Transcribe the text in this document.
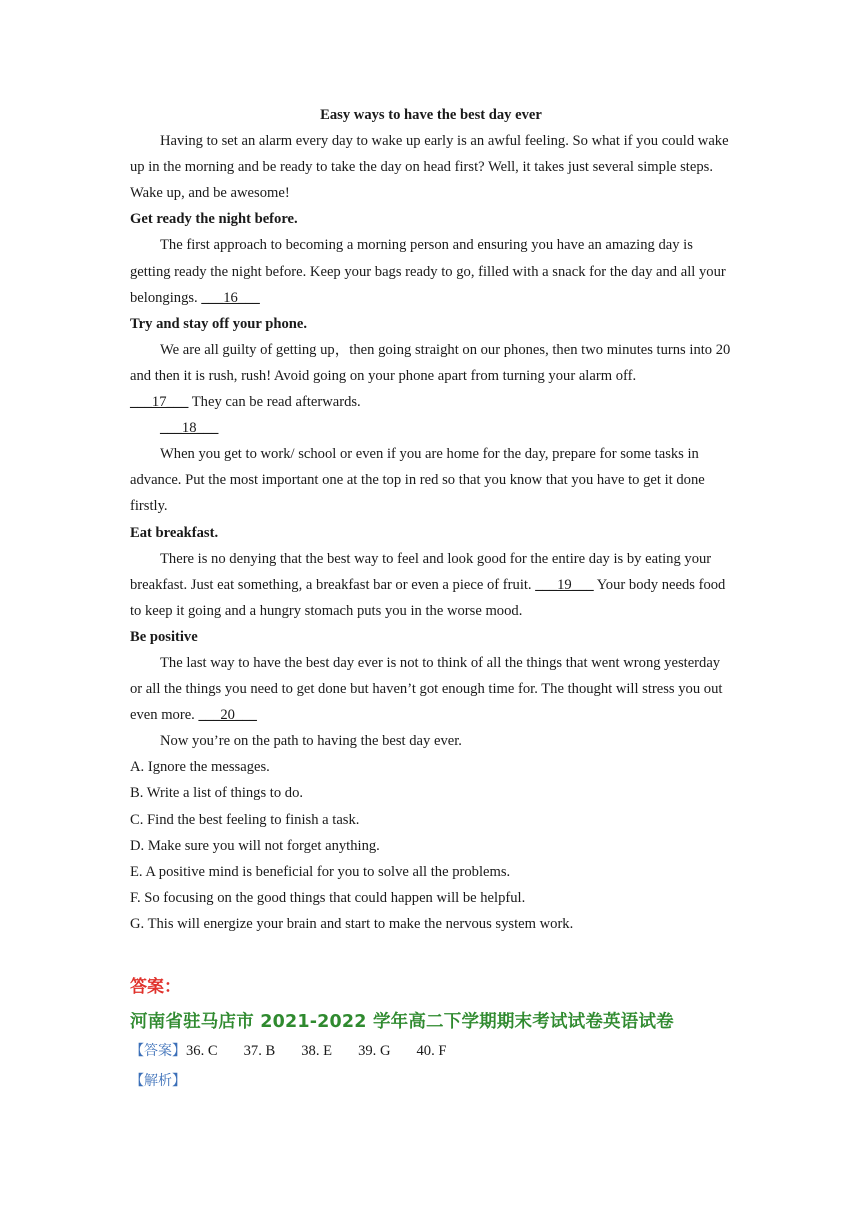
Easy ways to have the best day ever

Having to set an alarm every day to wake up early is an awful feeling. So what if you could wake up in the morning and be ready to take the day on head first? Well, it takes just several simple steps. Wake up, and be awesome!

Get ready the night before.

The first approach to becoming a morning person and ensuring you have an amazing day is getting ready the night before. Keep your bags ready to go, filled with a snack for the day and all your belongings. ___16___

Try and stay off your phone.

We are all guilty of getting up，then going straight on our phones, then two minutes turns into 20 and then it is rush, rush! Avoid going on your phone apart from turning your alarm off.

___17___ They can be read afterwards.

___18___

When you get to work/ school or even if you are home for the day, prepare for some tasks in advance. Put the most important one at the top in red so that you know that you have to get it done firstly.

Eat breakfast.

There is no denying that the best way to feel and look good for the entire day is by eating your breakfast. Just eat something, a breakfast bar or even a piece of fruit. ___19___ Your body needs food to keep it going and a hungry stomach puts you in the worse mood.

Be positive

The last way to have the best day ever is not to think of all the things that went wrong yesterday or all the things you need to get done but haven’t got enough time for. The thought will stress you out even more. ___20___

Now you’re on the path to having the best day ever.

A. Ignore the messages.

B. Write a list of things to do.

C. Find the best feeling to finish a task.

D. Make sure you will not forget anything.

E. A positive mind is beneficial for you to solve all the problems.

F. So focusing on the good things that could happen will be helpful.

G. This will energize your brain and start to make the nervous system work.

答案：
河南省驻马店市 2021-2022 学年高二下学期期末考试试卷英语试卷
【答案】36. C 37. B 38. E 39. G 40. F
【解析】
